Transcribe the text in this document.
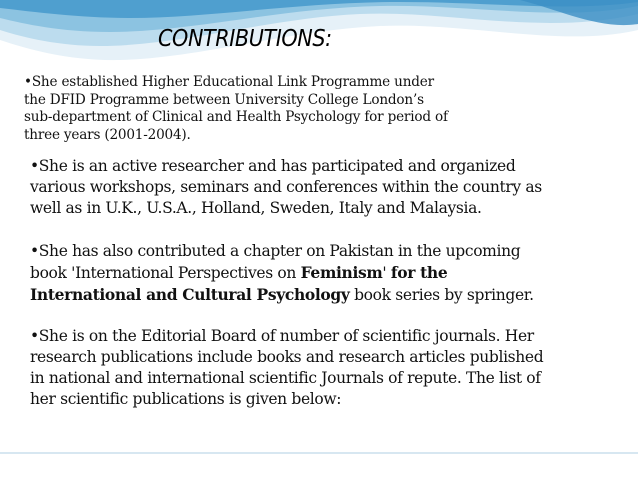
CONTRIBUTIONS:
•She established Higher Educational Link Programme under
the DFID Programme between University College London’s
sub-department of Clinical and Health Psychology for period of
three years (2001-2004).
•She is an active researcher and has participated and organized
various workshops, seminars and conferences within the country as
well as in U.K., U.S.A., Holland, Sweden, Italy and Malaysia.
•She has also contributed a chapter on Pakistan in the upcoming
book 'International Perspectives on Feminism' for the
International and Cultural Psychology book series by springer.
•She is on the Editorial Board of number of scientific journals. Her
research publications include books and research articles published
in national and international scientific Journals of repute. The list of
her scientific publications is given below:
